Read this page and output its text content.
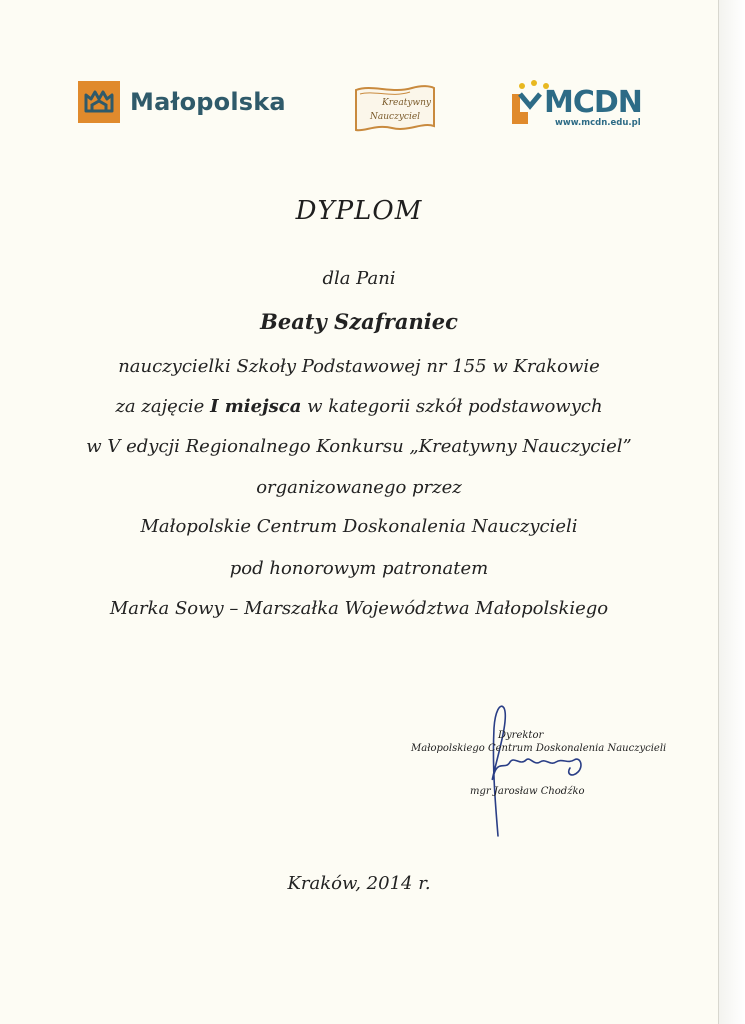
Małopolska	Kreatywny
Nauczyciel	MCDN
www.mcdn.edu.pl
DYPLOM
dla Pani
Beaty Szafraniec
nauczycielki Szkoły Podstawowej nr 155 w Krakowie
za zajęcie I miejsca w kategorii szkół podstawowych
w V edycji Regionalnego Konkursu „Kreatywny Nauczyciel”
organizowanego przez
Małopolskie Centrum Doskonalenia Nauczycieli
pod honorowym patronatem
Marka Sowy – Marszałka Województwa Małopolskiego
Dyrektor
Małopolskiego Centrum Doskonalenia Nauczycieli
mgr Jarosław Chodźko
Kraków, 2014 r.
